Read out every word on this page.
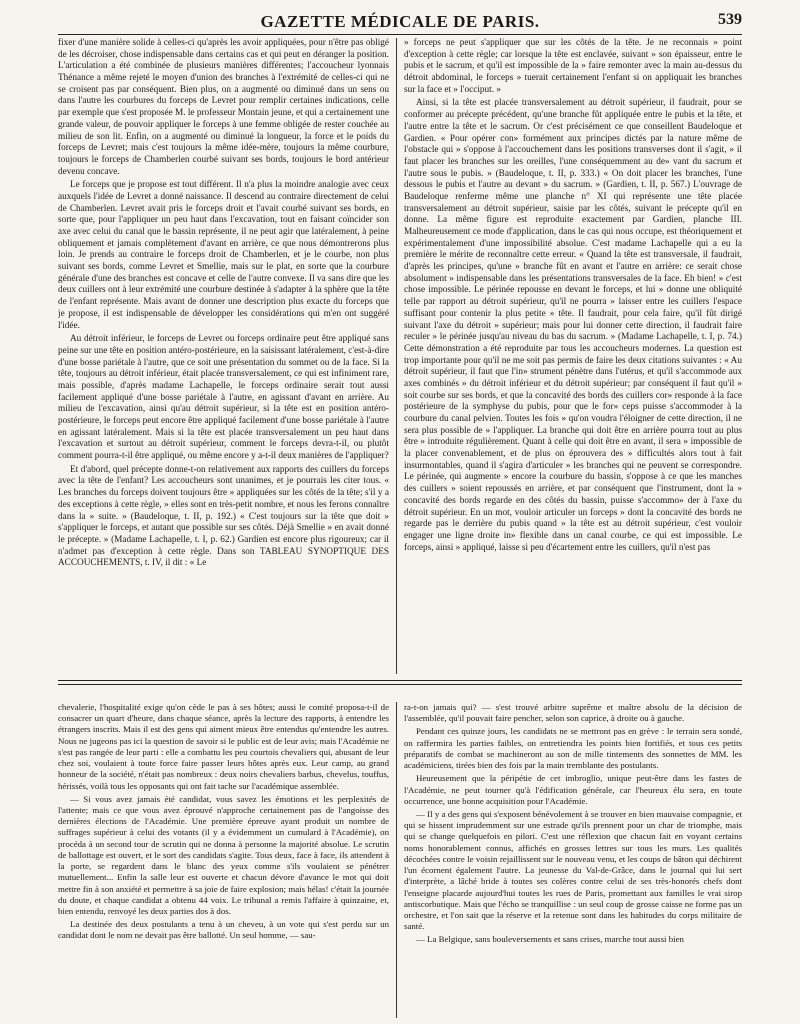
GAZETTE MÉDICALE DE PARIS.	539

fixer d'une manière solide à celles-ci qu'après les avoir appliquées, pour n'être pas obligé de les décroiser, chose indispensable dans certains cas et qui peut en déranger la position. L'articulation a été combinée de plusieurs manières différentes; l'accoucheur lyonnais Thénance a même rejeté le moyen d'union des branches à l'extrémité de celles-ci qui ne se croisent pas par conséquent. Bien plus, on a augmenté ou diminué dans un sens ou dans l'autre les courbures du forceps de Levret pour remplir certaines indications, celle par exemple que s'est proposée M. le professeur Montain jeune, et qui a certainement une grande valeur, de pouvoir appliquer le forceps à une femme obligée de rester couchée au milieu de son lit. Enfin, on a augmenté ou diminué la longueur, la force et le poids du forceps de Levret; mais c'est toujours la même idée-mère, toujours la même courbure, toujours le forceps de Chamberlen courbé suivant ses bords, toujours le bord antérieur devenu concave.

Le forceps que je propose est tout différent. Il n'a plus la moindre analogie avec ceux auxquels l'idée de Levret a donné naissance. Il descend au contraire directement de celui de Chamberlen. Levret avait pris le forceps droit et l'avait courbé suivant ses bords, en sorte que, pour l'appliquer un peu haut dans l'excavation, tout en faisant coïncider son axe avec celui du canal que le bassin représente, il ne peut agir que latéralement, à peine obliquement et jamais complètement d'avant en arrière, ce que nous démontrerons plus loin. Je prends au contraire le forceps droit de Chamberlen, et je le courbe, non plus suivant ses bords, comme Levret et Smellie, mais sur le plat, en sorte que la courbure générale d'une des branches est concave et celle de l'autre convexe. Il va sans dire que les deux cuillers ont à leur extrémité une courbure destinée à s'adapter à la sphère que la tête de l'enfant représente. Mais avant de donner une description plus exacte du forceps que je propose, il est indispensable de développer les considérations qui m'en ont suggéré l'idée.

Au détroit inférieur, le forceps de Levret ou forceps ordinaire peut être appliqué sans peine sur une tête en position antéro-postérieure, en la saisissant latéralement, c'est-à-dire d'une bosse pariétale à l'autre, que ce soit une présentation du sommet ou de la face. Si la tête, toujours au détroit inférieur, était placée transversalement, ce qui est infiniment rare, mais possible, d'après madame Lachapelle, le forceps ordinaire serait tout aussi facilement appliqué d'une bosse pariétale à l'autre, en agissant d'avant en arrière. Au milieu de l'excavation, ainsi qu'au détroit supérieur, si la tête est en position antéro-postérieure, le forceps peut encore être appliqué facilement d'une bosse pariétale à l'autre en agissant latéralement. Mais si la tête est placée transversalement un peu haut dans l'excavation et surtout au détroit supérieur, comment le forceps devra-t-il, ou plutôt comment pourra-t-il être appliqué, ou même encore y a-t-il deux manières de l'appliquer?

Et d'abord, quel précepte donne-t-on relativement aux rapports des cuillers du forceps avec la tête de l'enfant? Les accoucheurs sont unanimes, et je pourrais les citer tous. « Les branches du forceps doivent toujours être » appliquées sur les côtés de la tête; s'il y a des exceptions à cette règle, » elles sont en très-petit nombre, et nous les ferons connaître dans la » suite. » (Baudeloque, t. II, p. 192.) « C'est toujours sur la tête que doit » s'appliquer le forceps, et autant que possible sur ses côtés. Déjà Smellie » en avait donné le précepte. » (Madame Lachapelle, t. I, p. 62.) Gardien est encore plus rigoureux; car il n'admet pas d'exception à cette règle. Dans son TABLEAU SYNOPTIQUE DES ACCOUCHEMENTS, t. IV, il dit : « Le

» forceps ne peut s'appliquer que sur les côtés de la tête. Je ne reconnais » point d'exception à cette règle; car lorsque la tête est enclavée, suivant » son épaisseur, entre le pubis et le sacrum, et qu'il est impossible de la » faire remonter avec la main au-dessus du détroit abdominal, le forceps » tuerait certainement l'enfant si on appliquait les branches sur la face et » l'occiput. »

Ainsi, si la tête est placée transversalement au détroit supérieur, il faudrait, pour se conformer au précepte précédent, qu'une branche fût appliquée entre le pubis et la tête, et l'autre entre la tête et le sacrum. Or c'est précisément ce que conseillent Baudeloque et Gardien. « Pour opérer con» formément aux principes dictés par la nature même de l'obstacle qui » s'oppose à l'accouchement dans les positions transverses dont il s'agit, » il faut placer les branches sur les oreilles, l'une conséquemment au de» vant du sacrum et l'autre sous le pubis. » (Baudeloque, t. II, p. 333.) « On doit placer les branches, l'une dessous le pubis et l'autre au devant » du sacrum. » (Gardien, t. II, p. 567.) L'ouvrage de Baudeloque renferme même une planche n° XI qui représente une tête placée transversalement au détroit supérieur, saisie par les côtés, suivant le précepte qu'il en donne. La même figure est reproduite exactement par Gardien, planche III. Malheureusement ce mode d'application, dans le cas qui nous occupe, est théoriquement et expérimentalement d'une impossibilité absolue. C'est madame Lachapelle qui a eu la première le mérite de reconnaître cette erreur. « Quand la tête est transversale, il faudrait, d'après les principes, qu'une » branche fût en avant et l'autre en arrière: ce serait chose absolument » indispensable dans les présentations transversales de la face. Eh bien! » c'est chose impossible. Le périnée repousse en devant le forceps, et lui » donne une obliquité telle par rapport au détroit supérieur, qu'il ne pourra » laisser entre les cuillers l'espace suffisant pour contenir la plus petite » tête. Il faudrait, pour cela faire, qu'il fût dirigé suivant l'axe du détroit » supérieur; mais pour lui donner cette direction, il faudrait faire reculer » le périnée jusqu'au niveau du bas du sacrum. » (Madame Lachapelle, t. I, p. 74.) Cette démonstration a été reproduite par tous les accoucheurs modernes. La question est trop importante pour qu'il ne me soit pas permis de faire les deux citations suivantes : « Au détroit supérieur, il faut que l'in» strument pénètre dans l'utérus, et qu'il s'accommode aux axes combinés » du détroit inférieur et du détroit supérieur; par conséquent il faut qu'il » soit courbe sur ses bords, et que la concavité des bords des cuillers cor» responde à la face postérieure de la symphyse du pubis, pour que le for» ceps puisse s'accommoder à la courbure du canal pelvien. Toutes les fois » qu'on voudra l'éloigner de cette direction, il ne sera plus possible de » l'appliquer. La branche qui doit être en arrière pourra tout au plus être » introduite régulièrement. Quant à celle qui doit être en avant, il sera » impossible de la placer convenablement, et de plus on éprouvera des » difficultés alors tout à fait insurmontables, quand il s'agira d'articuler » les branches qui ne peuvent se correspondre. Le périnée, qui augmente » encore la courbure du bassin, s'oppose à ce que les manches des cuillers » soient repoussés en arrière, et par conséquent que l'instrument, dont la » concavité des bords regarde en des côtés du bassin, puisse s'accommo» der à l'axe du détroit supérieur. En un mot, vouloir articuler un forceps » dont la concavité des bords ne regarde pas le derrière du pubis quand » la tête est au détroit supérieur, c'est vouloir engager une ligne droite in» flexible dans un canal courbe, ce qui est impossible. Le forceps, ainsi » appliqué, laisse si peu d'écartement entre les cuillers, qu'il n'est pas

chevalerie, l'hospitalité exige qu'on cède le pas à ses hôtes; aussi le comité proposa-t-il de consacrer un quart d'heure, dans chaque séance, après la lecture des rapports, à entendre les étrangers inscrits. Mais il est des gens qui aiment mieux être entendus qu'entendre les autres. Nous ne jugeons pas ici la question de savoir si le public est de leur avis; mais l'Académie ne s'est pas rangée de leur parti : elle a combattu les peu courtois chevaliers qui, abusant de leur chez soi, voulaient à toute force faire passer leurs hôtes après eux. Leur camp, au grand honneur de la société, n'était pas nombreux : deux noirs chevaliers barbus, chevelus, touffus, hérissés, voilà tous les opposants qui ont fait tache sur l'académique assemblée.

— Si vous avez jamais été candidat, vous savez les émotions et les perplexités de l'attente; mais ce que vous avez éprouvé n'approche certainement pas de l'angoisse des dernières élections de l'Académie. Une première épreuve ayant produit un nombre de suffrages supérieur à celui des votants (il y a évidemment un cumulard à l'Académie), on procéda à un second tour de scrutin qui ne donna à personne la majorité absolue. Le scrutin de ballottage est ouvert, et le sort des candidats s'agite. Tous deux, face à face, ils attendent à la porte, se regardent dans le blanc des yeux comme s'ils voulaient se pénétrer mutuellement... Enfin la salle leur est ouverte et chacun dévore d'avance le mot qui doit mettre fin à son anxiété et permettre à sa joie de faire explosion; mais hélas! c'était la journée du doute, et chaque candidat a obtenu 44 voix. Le tribunal a remis l'affaire à quinzaine, et, bien entendu, renvoyé les deux parties dos à dos.

La destinée des deux postulants a tenu à un cheveu, à un vote qui s'est perdu sur un candidat dont le nom ne devait pas être ballotté. Un seul homme, — sau-

ra-t-on jamais qui? — s'est trouvé arbitre suprême et maître absolu de la décision de l'assemblée, qu'il pouvait faire pencher, selon son caprice, à droite ou à gauche.

Pendant ces quinze jours, les candidats ne se mettront pas en grève : le terrain sera sondé, on raffermira les parties faibles, on entretiendra les points bien fortifiés, et tous ces petits préparatifs de combat se machineront au son de mille tintements des sonnettes de MM. les académiciens, tirées bien des fois par la main tremblante des postulants.

Heureusement que la péripétie de cet imbroglio, unique peut-être dans les fastes de l'Académie, ne peut tourner qu'à l'édification générale, car l'heureux élu sera, en toute occurrence, une bonne acquisition pour l'Académie.

— Il y a des gens qui s'exposent bénévolement à se trouver en bien mauvaise compagnie, et qui se hissent imprudemment sur une estrade qu'ils prennent pour un char de triomphe, mais qui se change quelquefois en pilori. C'est une réflexion que chacun fait en voyant certains noms honorablement connus, affichés en grosses lettres sur tous les murs. Les qualités décochées contre le voisin rejaillissent sur le nouveau venu, et les coups de bâton qui déchirent l'un écornent également l'autre. La jeunesse du Val-de-Grâce, dans le journal qui lui sert d'interprète, a lâché bride à toutes ses colères contre celui de ses très-honorés chefs dont l'enseigne placarde aujourd'hui toutes les rues de Paris, promettant aux familles le vrai sirop antiscorbutique. Mais que l'écho se tranquillise : un seul coup de grosse caisse ne forme pas un orchestre, et l'on sait que la réserve et la retenue sont dans les habitudes du corps militaire de santé.

— La Belgique, sans bouleversements et sans crises, marche tout aussi bien
